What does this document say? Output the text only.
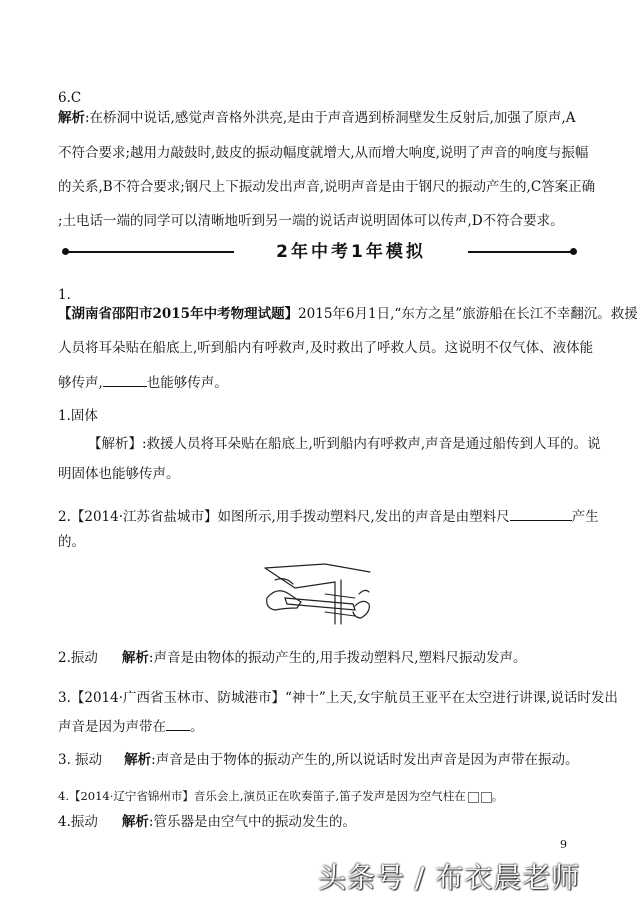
6.C
解析:在桥洞中说话,感觉声音格外洪亮,是由于声音遇到桥洞壁发生反射后,加强了原声,A
不符合要求;越用力敲鼓时,鼓皮的振动幅度就增大,从而增大响度,说明了声音的响度与振幅
的关系,B不符合要求;钢尺上下振动发出声音,说明声音是由于钢尺的振动产生的,C答案正确
;土电话一端的同学可以清晰地听到另一端的说话声说明固体可以传声,D不符合要求。
2年中考1年模拟
1.
【湖南省邵阳市2015年中考物理试题】2015年6月1日,“东方之星”旅游船在长江不幸翻沉。救援
人员将耳朵贴在船底上,听到船内有呼救声,及时救出了呼救人员。这说明不仅气体、液体能
够传声,	也能够传声。
1.固体
【解析】:救援人员将耳朵贴在船底上,听到船内有呼救声,声音是通过船传到人耳的。说
明固体也能够传声。
2.【2014·江苏省盐城市】如图所示,用手拨动塑料尺,发出的声音是由塑料尺	产生
的。
2.振动 解析:声音是由物体的振动产生的,用手拨动塑料尺,塑料尺振动发声。
3.【2014·广西省玉林市、防城港市】“神十”上天,女宇航员王亚平在太空进行讲课,说话时发出
声音是因为声带在 。
3. 振动 解析:声音是由于物体的振动产生的,所以说话时发出声音是因为声带在振动。
4.【2014·辽宁省锦州市】音乐会上,演员正在吹奏笛子,笛子发声是因为空气柱在 。
4.振动 解析:管乐器是由空气中的振动发生的。
9
头条号 / 布衣晨老师
